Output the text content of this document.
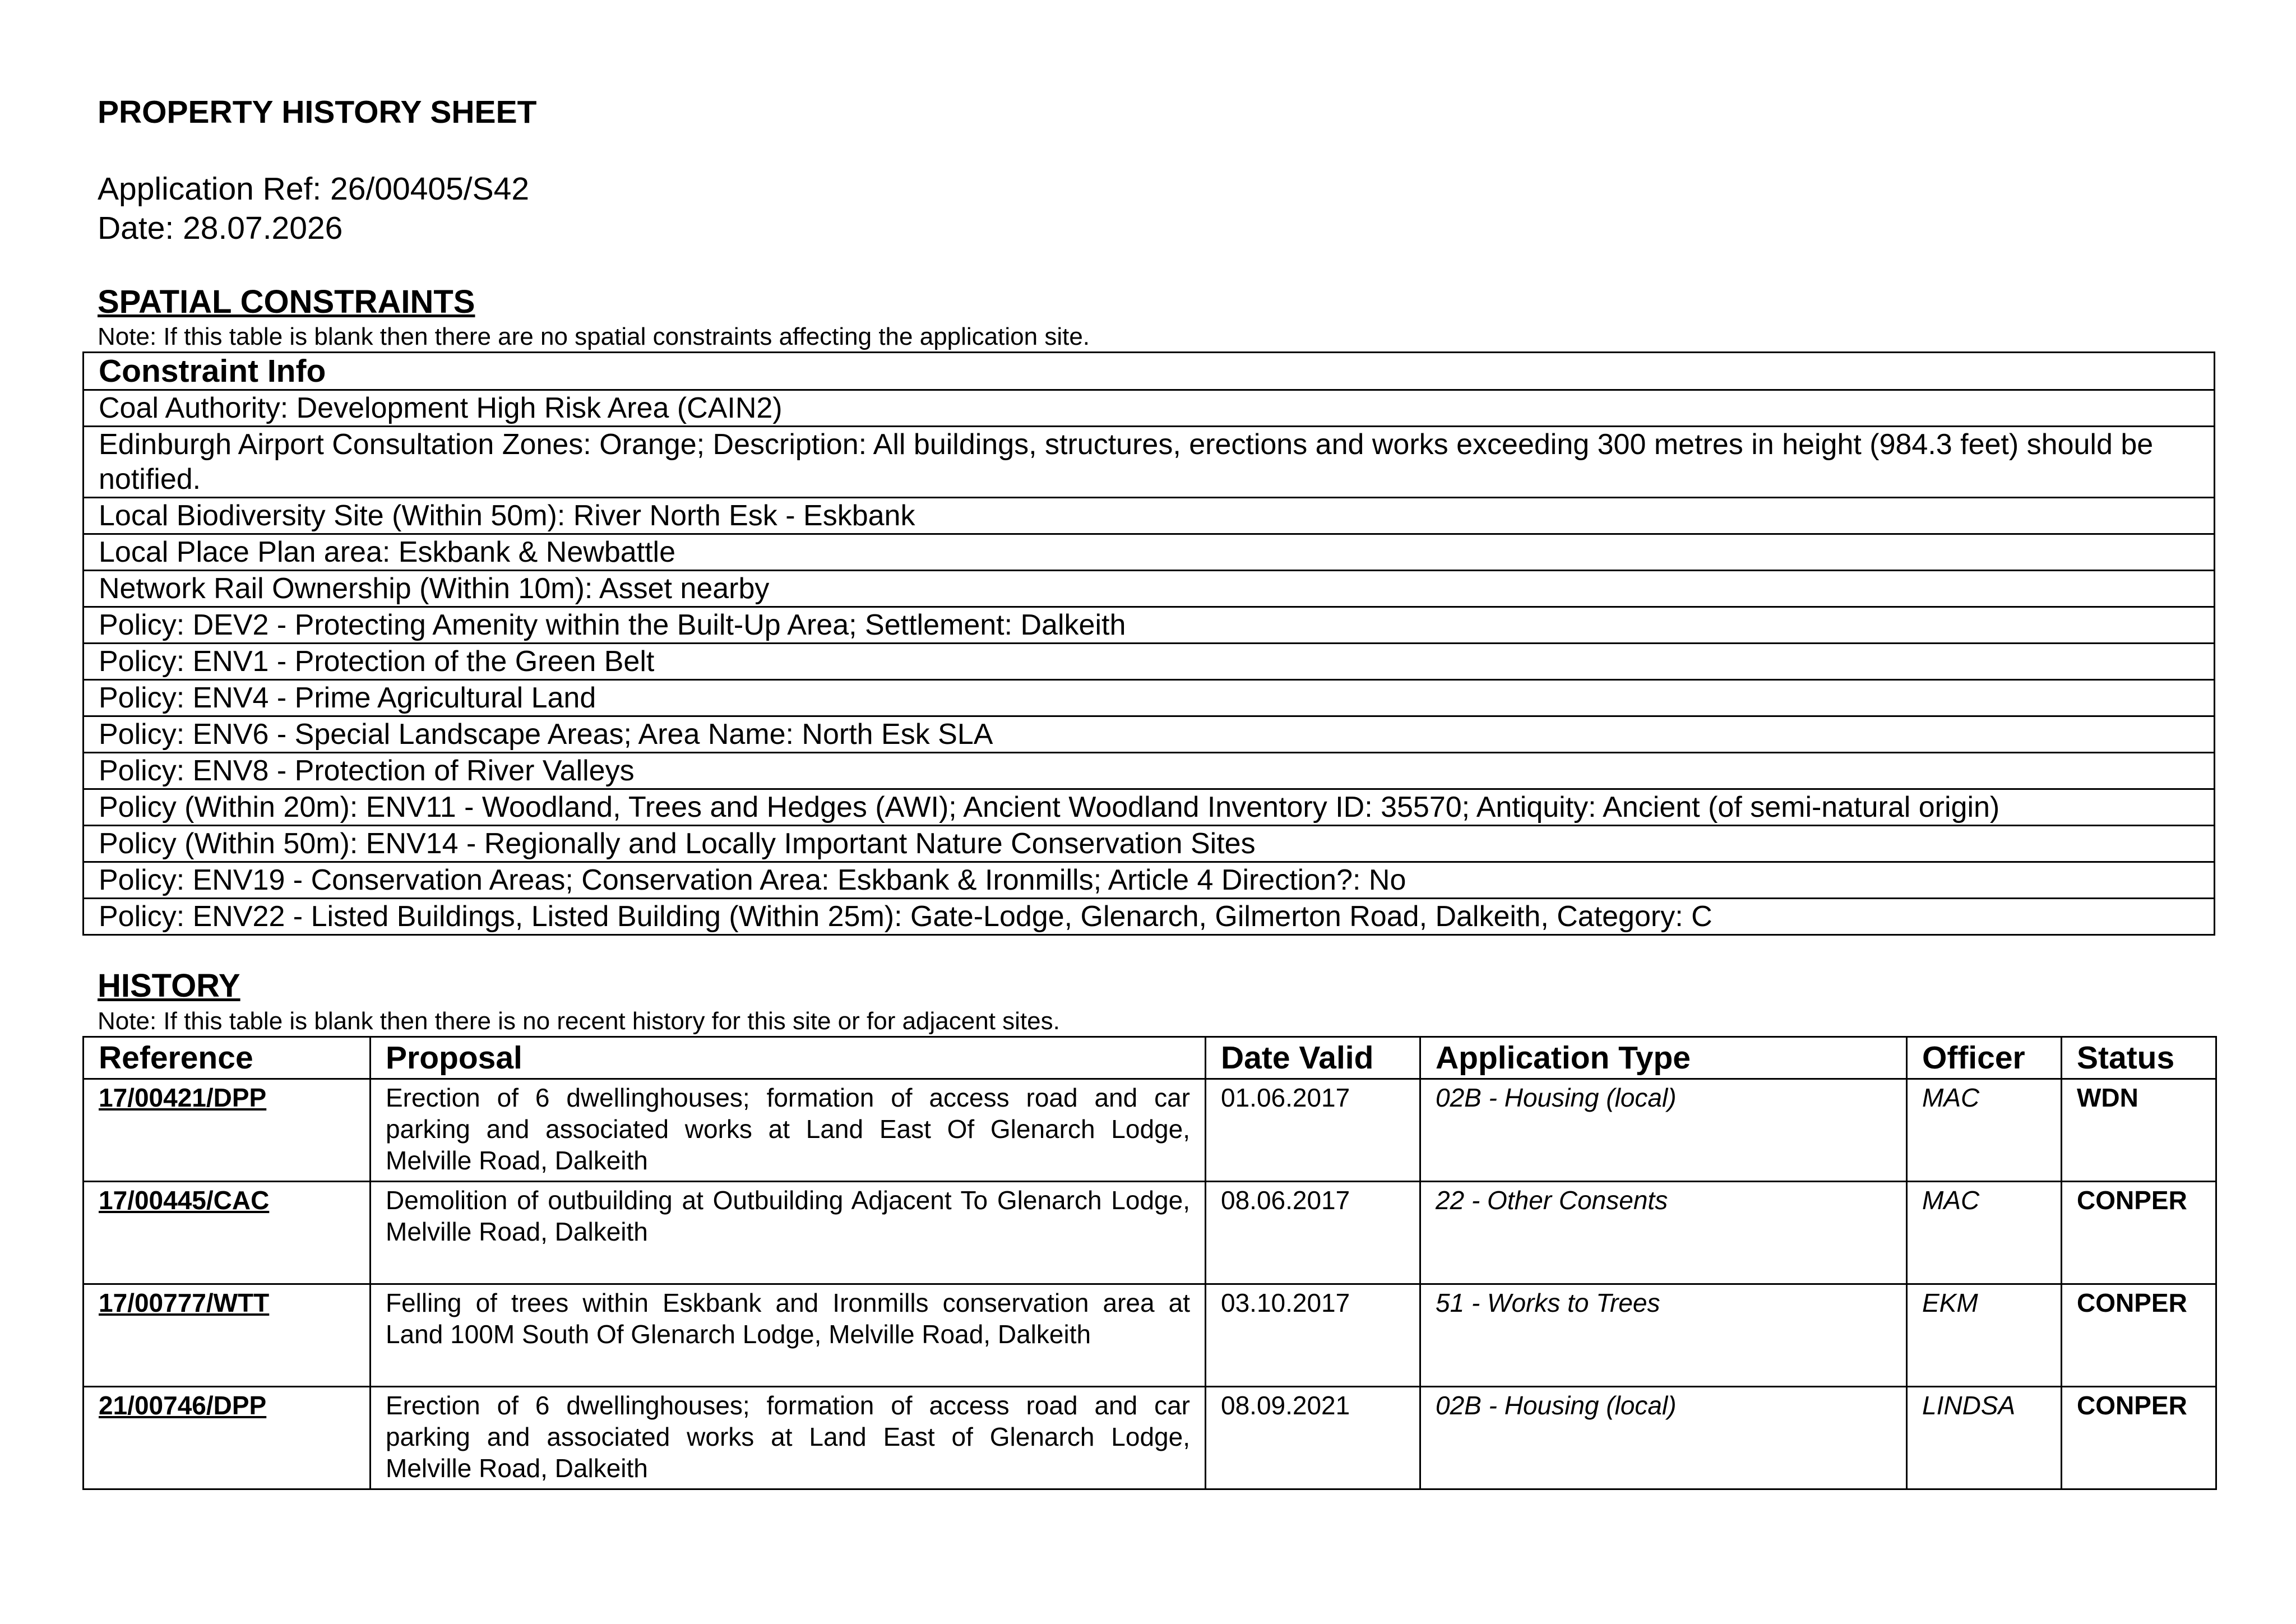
PROPERTY HISTORY SHEET
Application Ref: 26/00405/S42
Date: 28.07.2026
SPATIAL CONSTRAINTS
Note: If this table is blank then there are no spatial constraints affecting the application site.
Constraint Info
Coal Authority: Development High Risk Area (CAIN2)
Edinburgh Airport Consultation Zones: Orange; Description: All buildings, structures, erections and works exceeding 300 metres in height (984.3 feet) should be notified.
Local Biodiversity Site (Within 50m): River North Esk - Eskbank
Local Place Plan area: Eskbank & Newbattle
Network Rail Ownership (Within 10m): Asset nearby
Policy: DEV2 - Protecting Amenity within the Built-Up Area; Settlement: Dalkeith
Policy: ENV1 - Protection of the Green Belt
Policy: ENV4 - Prime Agricultural Land
Policy: ENV6 - Special Landscape Areas; Area Name: North Esk SLA
Policy: ENV8 - Protection of River Valleys
Policy (Within 20m): ENV11 - Woodland, Trees and Hedges (AWI); Ancient Woodland Inventory ID: 35570; Antiquity: Ancient (of semi-natural origin)
Policy (Within 50m): ENV14 - Regionally and Locally Important Nature Conservation Sites
Policy: ENV19 - Conservation Areas; Conservation Area: Eskbank & Ironmills; Article 4 Direction?: No
Policy: ENV22 - Listed Buildings, Listed Building (Within 25m): Gate-Lodge, Glenarch, Gilmerton Road, Dalkeith, Category: C
HISTORY
Note: If this table is blank then there is no recent history for this site or for adjacent sites.
Reference	Proposal	Date Valid	Application Type	Officer	Status
17/00421/DPP	Erection of 6 dwellinghouses; formation of access road and car parking and associated works at Land East Of Glenarch Lodge, Melville Road, Dalkeith	01.06.2017	02B - Housing (local)	MAC	WDN
17/00445/CAC	Demolition of outbuilding at Outbuilding Adjacent To Glenarch Lodge, Melville Road, Dalkeith	08.06.2017	22 - Other Consents	MAC	CONPER
17/00777/WTT	Felling of trees within Eskbank and Ironmills conservation area at Land 100M South Of Glenarch Lodge, Melville Road, Dalkeith	03.10.2017	51 - Works to Trees	EKM	CONPER
21/00746/DPP	Erection of 6 dwellinghouses; formation of access road and car parking and associated works at Land East of Glenarch Lodge, Melville Road, Dalkeith	08.09.2021	02B - Housing (local)	LINDSA	CONPER
